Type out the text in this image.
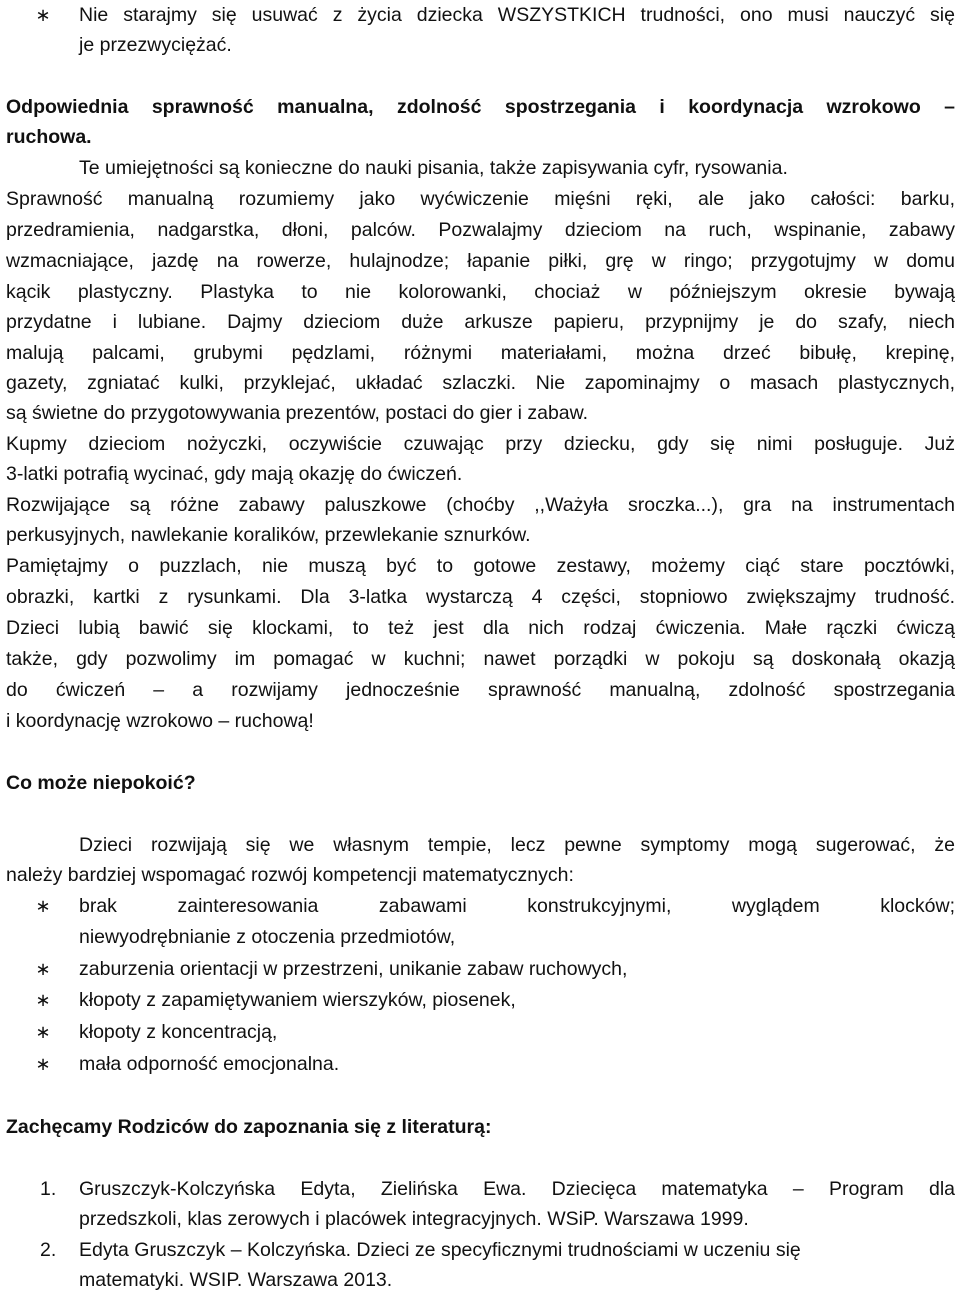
∗ Nie starajmy się usuwać z życia dziecka WSZYSTKICH trudności, ono musi nauczyć się
je przezwyciężać.
Odpowiednia sprawność manualna, zdolność spostrzegania i koordynacja wzrokowo –
ruchowa.
Te umiejętności są konieczne do nauki pisania, także zapisywania cyfr, rysowania.
Sprawność manualną rozumiemy jako wyćwiczenie mięśni ręki, ale jako całości: barku,
przedramienia, nadgarstka, dłoni, palców. Pozwalajmy dzieciom na ruch, wspinanie, zabawy
wzmacniające, jazdę na rowerze, hulajnodze; łapanie piłki, grę w ringo; przygotujmy w domu
kącik plastyczny. Plastyka to nie kolorowanki, chociaż w późniejszym okresie bywają
przydatne i lubiane. Dajmy dzieciom duże arkusze papieru, przypnijmy je do szafy, niech
malują palcami, grubymi pędzlami, różnymi materiałami, można drzeć bibułę, krepinę,
gazety, zgniatać kulki, przyklejać, układać szlaczki. Nie zapominajmy o masach plastycznych,
są świetne do przygotowywania prezentów, postaci do gier i zabaw.
Kupmy dzieciom nożyczki, oczywiście czuwając przy dziecku, gdy się nimi posługuje. Już
3-latki potrafią wycinać, gdy mają okazję do ćwiczeń.
Rozwijające są różne zabawy paluszkowe (choćby ,,Ważyła sroczka...), gra na instrumentach
perkusyjnych, nawlekanie koralików, przewlekanie sznurków.
Pamiętajmy o puzzlach, nie muszą być to gotowe zestawy, możemy ciąć stare pocztówki,
obrazki, kartki z rysunkami. Dla 3-latka wystarczą 4 części, stopniowo zwiększajmy trudność.
Dzieci lubią bawić się klockami, to też jest dla nich rodzaj ćwiczenia. Małe rączki ćwiczą
także, gdy pozwolimy im pomagać w kuchni; nawet porządki w pokoju są doskonałą okazją
do ćwiczeń – a rozwijamy jednocześnie sprawność manualną, zdolność spostrzegania
i koordynację wzrokowo – ruchową!
Co może niepokoić?
Dzieci rozwijają się we własnym tempie, lecz pewne symptomy mogą sugerować, że
należy bardziej wspomagać rozwój kompetencji matematycznych:
∗ brak zainteresowania zabawami konstrukcyjnymi, wyglądem klocków;
niewyodrębnianie z otoczenia przedmiotów,
∗ zaburzenia orientacji w przestrzeni, unikanie zabaw ruchowych,
∗ kłopoty z zapamiętywaniem wierszyków, piosenek,
∗ kłopoty z koncentracją,
∗ mała odporność emocjonalna.
Zachęcamy Rodziców do zapoznania się z literaturą:
1.	Gruszczyk-Kolczyńska Edyta, Zielińska Ewa. Dziecięca matematyka – Program dla
przedszkoli, klas zerowych i placówek integracyjnych. WSiP. Warszawa 1999.
2.	Edyta Gruszczyk – Kolczyńska. Dzieci ze specyficznymi trudnościami w uczeniu się
matematyki. WSIP. Warszawa 2013.
